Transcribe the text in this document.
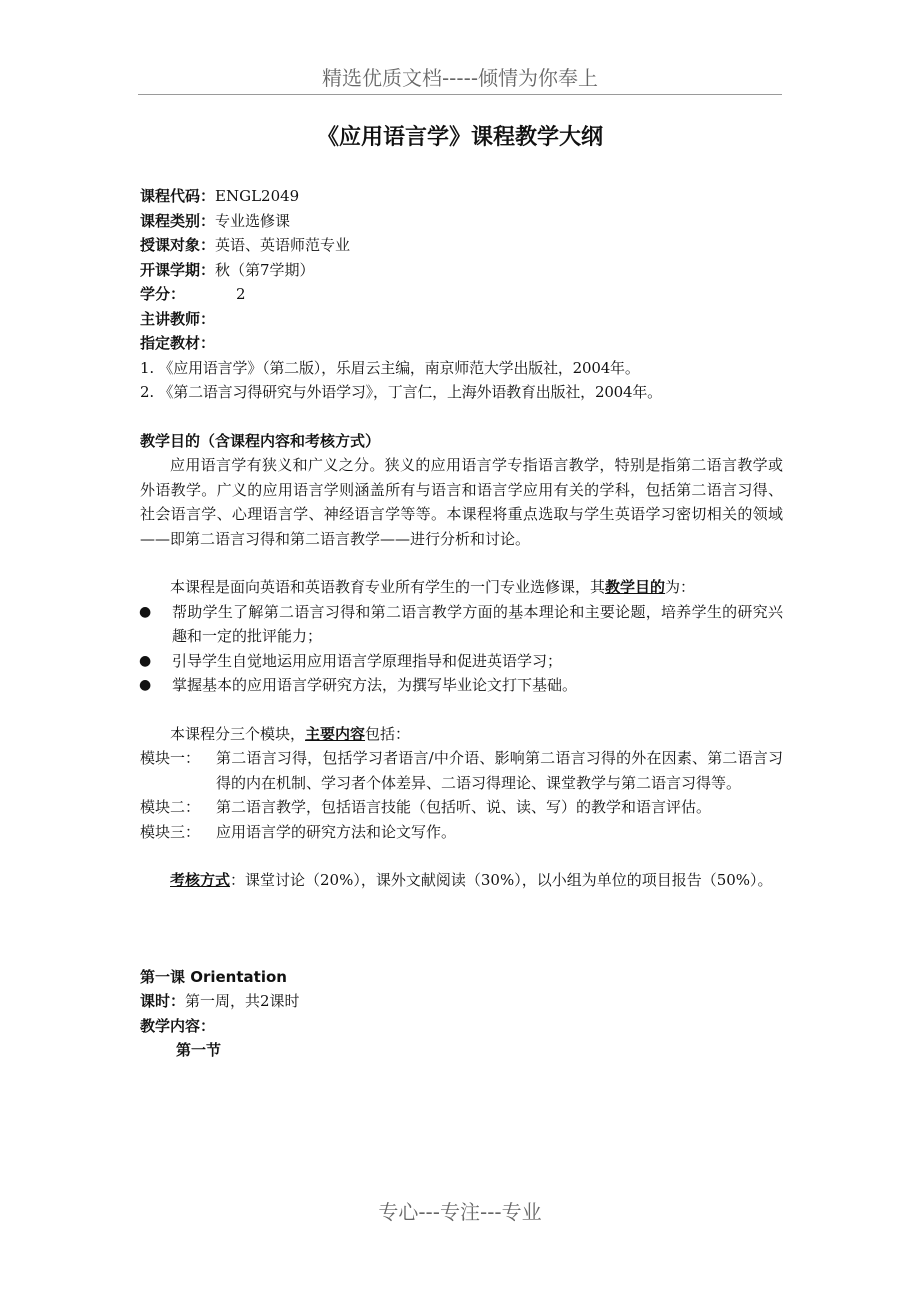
精选优质文档-----倾情为你奉上
《应用语言学》课程教学大纲
课程代码：ENGL2049
课程类别：专业选修课
授课对象：英语、英语师范专业
开课学期：秋（第7学期）
学分：	2
主讲教师：
指定教材：
1. 《应用语言学》（第二版），乐眉云主编，南京师范大学出版社，2004年。
2. 《第二语言习得研究与外语学习》，丁言仁，上海外语教育出版社，2004年。
教学目的（含课程内容和考核方式）
应用语言学有狭义和广义之分。狭义的应用语言学专指语言教学，特别是指第二语言教学或外语教学。广义的应用语言学则涵盖所有与语言和语言学应用有关的学科，包括第二语言习得、社会语言学、心理语言学、神经语言学等等。本课程将重点选取与学生英语学习密切相关的领域——即第二语言习得和第二语言教学——进行分析和讨论。
本课程是面向英语和英语教育专业所有学生的一门专业选修课，其教学目的为：
● 帮助学生了解第二语言习得和第二语言教学方面的基本理论和主要论题，培养学生的研究兴趣和一定的批评能力；
● 引导学生自觉地运用应用语言学原理指导和促进英语学习；
● 掌握基本的应用语言学研究方法，为撰写毕业论文打下基础。
本课程分三个模块，主要内容包括：
模块一： 第二语言习得，包括学习者语言/中介语、影响第二语言习得的外在因素、第二语言习得的内在机制、学习者个体差异、二语习得理论、课堂教学与第二语言习得等。
模块二： 第二语言教学，包括语言技能（包括听、说、读、写）的教学和语言评估。
模块三： 应用语言学的研究方法和论文写作。
考核方式：课堂讨论（20%），课外文献阅读（30%），以小组为单位的项目报告（50%）。
第一课 Orientation
课时：第一周，共2课时
教学内容：
第一节
专心---专注---专业
